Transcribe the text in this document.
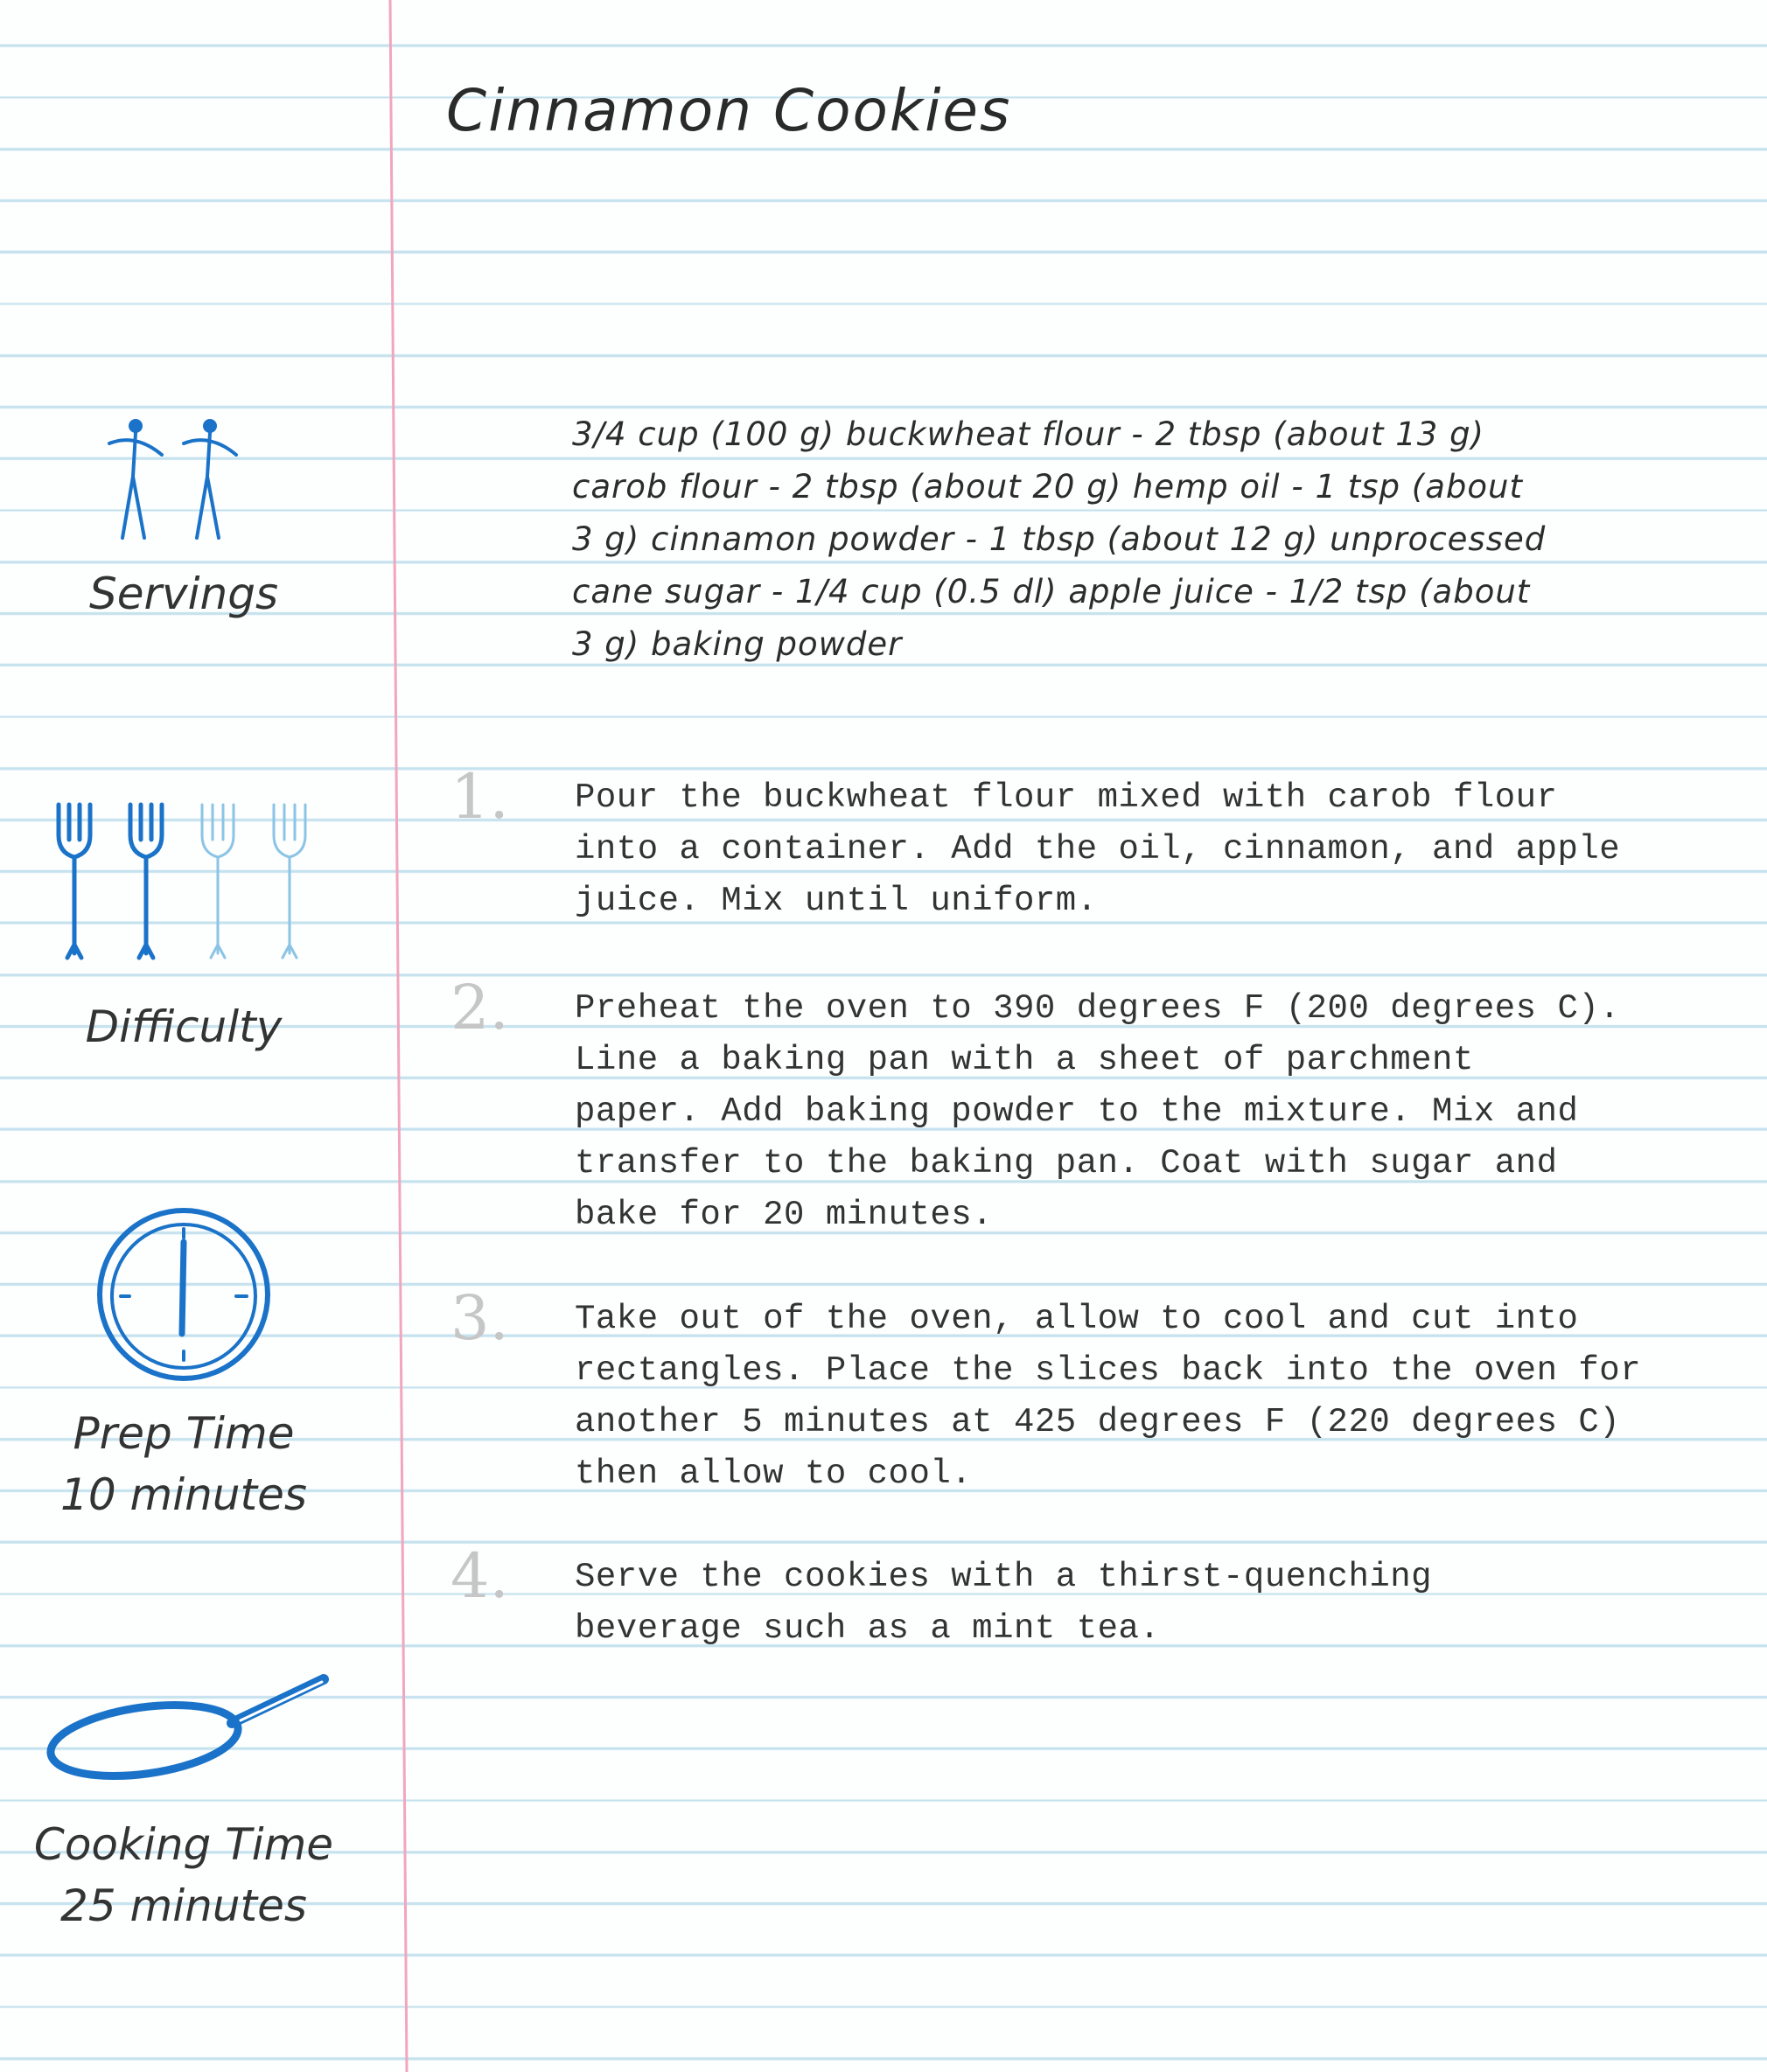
Cinnamon Cookies
3/4 cup (100 g) buckwheat flour - 2 tbsp (about 13 g)
carob flour - 2 tbsp (about 20 g) hemp oil - 1 tsp (about
3 g) cinnamon powder - 1 tbsp (about 12 g) unprocessed
cane sugar - 1/4 cup (0.5 dl) apple juice - 1/2 tsp (about
3 g) baking powder
1. Pour the buckwheat flour mixed with carob flour
into a container. Add the oil, cinnamon, and apple
juice. Mix until uniform.
2. Preheat the oven to 390 degrees F (200 degrees C).
Line a baking pan with a sheet of parchment
paper. Add baking powder to the mixture. Mix and
transfer to the baking pan. Coat with sugar and
bake for 20 minutes.
3. Take out of the oven, allow to cool and cut into
rectangles. Place the slices back into the oven for
another 5 minutes at 425 degrees F (220 degrees C)
then allow to cool.
4. Serve the cookies with a thirst-quenching
beverage such as a mint tea.
Servings
Difficulty
Prep Time
10 minutes
Cooking Time
25 minutes
